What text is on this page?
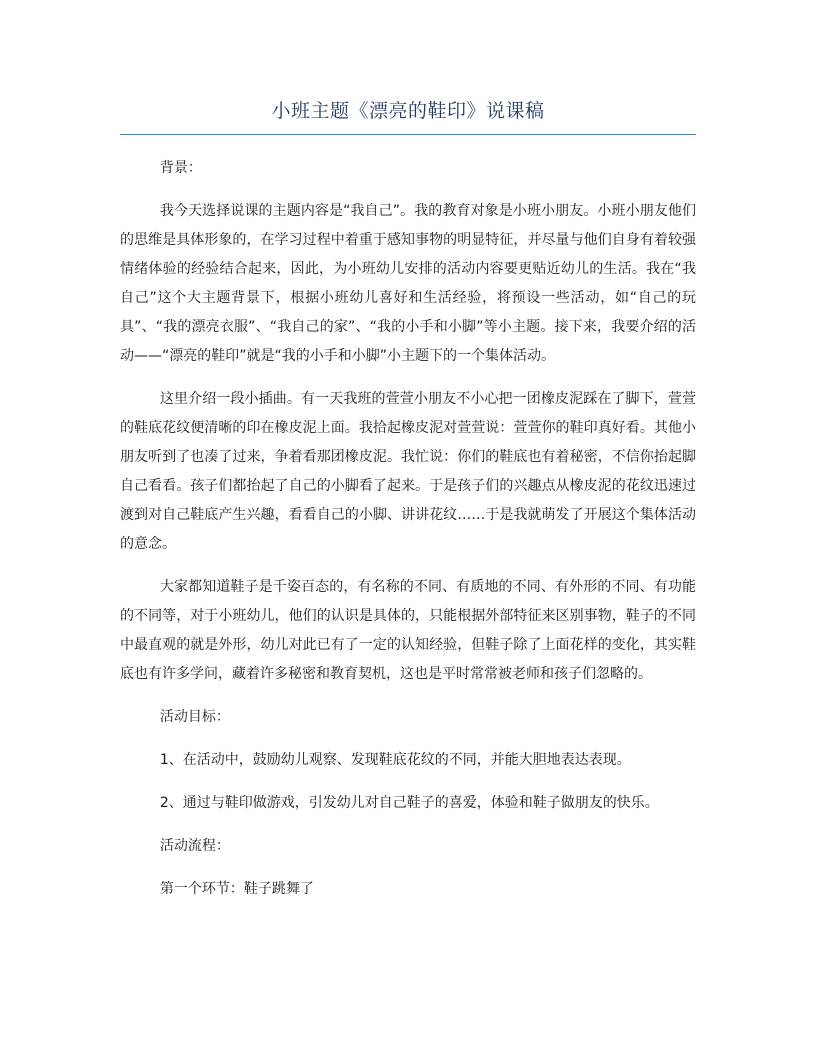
小班主题《漂亮的鞋印》说课稿

背景：

我今天选择说课的主题内容是“我自己”。我的教育对象是小班小朋友。小班小朋友他们的思维是具体形象的，在学习过程中着重于感知事物的明显特征，并尽量与他们自身有着较强情绪体验的经验结合起来，因此，为小班幼儿安排的活动内容要更贴近幼儿的生活。我在“我自己”这个大主题背景下，根据小班幼儿喜好和生活经验，将预设一些活动，如“自己的玩具”、“我的漂亮衣服”、“我自己的家”、“我的小手和小脚”等小主题。接下来，我要介绍的活动——“漂亮的鞋印”就是“我的小手和小脚”小主题下的一个集体活动。

这里介绍一段小插曲。有一天我班的萱萱小朋友不小心把一团橡皮泥踩在了脚下，萱萱的鞋底花纹便清晰的印在橡皮泥上面。我拾起橡皮泥对萱萱说：萱萱你的鞋印真好看。其他小朋友听到了也凑了过来，争着看那团橡皮泥。我忙说：你们的鞋底也有着秘密，不信你抬起脚自己看看。孩子们都抬起了自己的小脚看了起来。于是孩子们的兴趣点从橡皮泥的花纹迅速过渡到对自己鞋底产生兴趣，看看自己的小脚、讲讲花纹……于是我就萌发了开展这个集体活动的意念。

大家都知道鞋子是千姿百态的，有名称的不同、有质地的不同、有外形的不同、有功能的不同等，对于小班幼儿，他们的认识是具体的，只能根据外部特征来区别事物，鞋子的不同中最直观的就是外形，幼儿对此已有了一定的认知经验，但鞋子除了上面花样的变化，其实鞋底也有许多学问，藏着许多秘密和教育契机，这也是平时常常被老师和孩子们忽略的。

活动目标：

1、在活动中，鼓励幼儿观察、发现鞋底花纹的不同，并能大胆地表达表现。

2、通过与鞋印做游戏，引发幼儿对自己鞋子的喜爱，体验和鞋子做朋友的快乐。

活动流程：

第一个环节：鞋子跳舞了
